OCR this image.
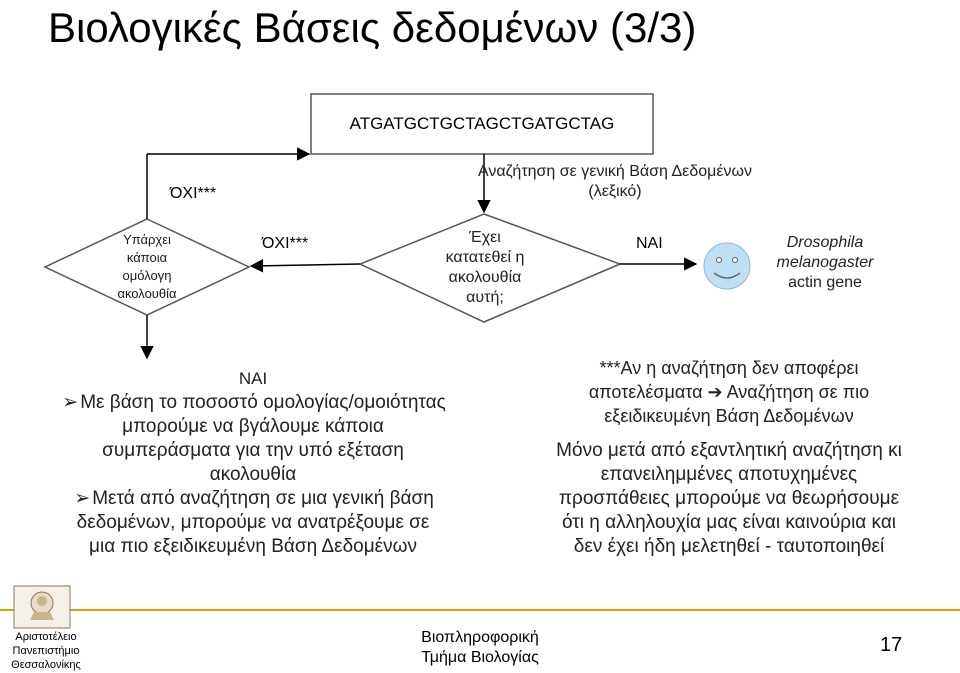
Βιολογικές Βάσεις δεδομένων (3/3)
ATGATGCTGCTAGCTGATGCTAG
Αναζήτηση σε γενική Βάση Δεδομένων (λεξικό)
ΌΧΙ***
ΌΧΙ***	ΝΑΙ
Υπάρχει
κάποια
ομόλογη
ακολουθία
Έχει
κατατεθεί η
ακολουθία
αυτή;
Drosophila
melanogaster
actin gene
ΝΑΙ
➢ Με βάση το ποσοστό ομολογίας/ομοιότητας
μπορούμε να βγάλουμε κάποια
συμπεράσματα για την υπό εξέταση
ακολουθία
➢ Μετά από αναζήτηση σε μια γενική βάση
δεδομένων, μπορούμε να ανατρέξουμε σε
μια πιο εξειδικευμένη Βάση Δεδομένων
***Αν η αναζήτηση δεν αποφέρει
αποτελέσματα ➔ Αναζήτηση σε πιο
εξειδικευμένη Βάση Δεδομένων
Μόνο μετά από εξαντλητική αναζήτηση κι
επανειλημμένες αποτυχημένες
προσπάθειες μπορούμε να θεωρήσουμε
ότι η αλληλουχία μας είναι καινούρια και
δεν έχει ήδη μελετηθεί - ταυτοποιηθεί
Αριστοτέλειο
Πανεπιστήμιο
Θεσσαλονίκης
Βιοπληροφορική
Τμήμα Βιολογίας
17
